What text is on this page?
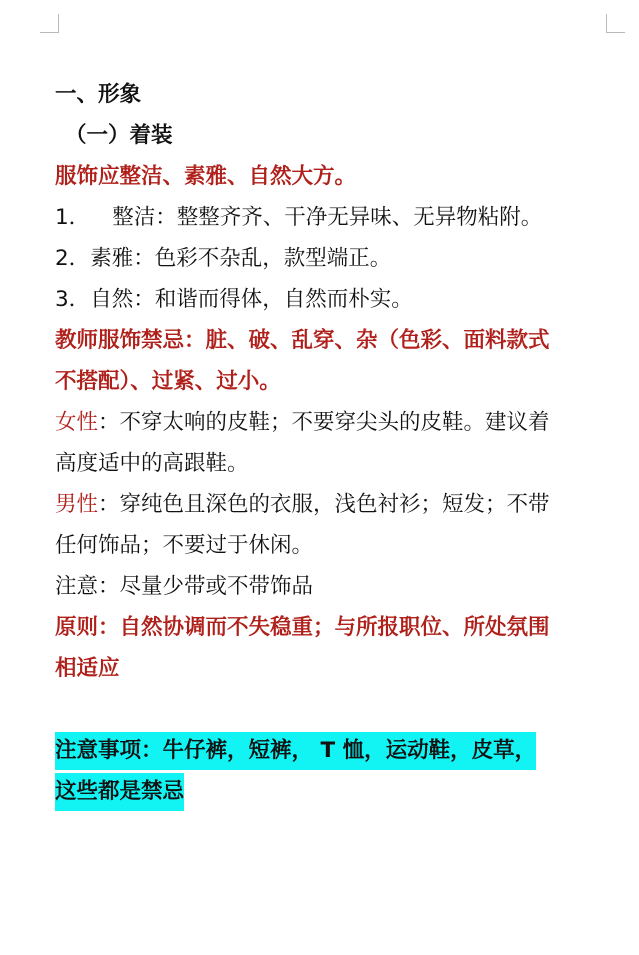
一、形象
（一）着装
服饰应整洁、素雅、自然大方。
1． 整洁：整整齐齐、干净无异味、无异物粘附。
2．素雅：色彩不杂乱，款型端正。
3．自然：和谐而得体，自然而朴实。
教师服饰禁忌：脏、破、乱穿、杂（色彩、面料款式
不搭配）、过紧、过小。
女性：不穿太响的皮鞋；不要穿尖头的皮鞋。建议着
高度适中的高跟鞋。
男性：穿纯色且深色的衣服，浅色衬衫；短发；不带
任何饰品；不要过于休闲。
注意：尽量少带或不带饰品
原则：自然协调而不失稳重；与所报职位、所处氛围
相适应
注意事项：牛仔裤，短裤， T 恤，运动鞋，皮草，
这些都是禁忌
